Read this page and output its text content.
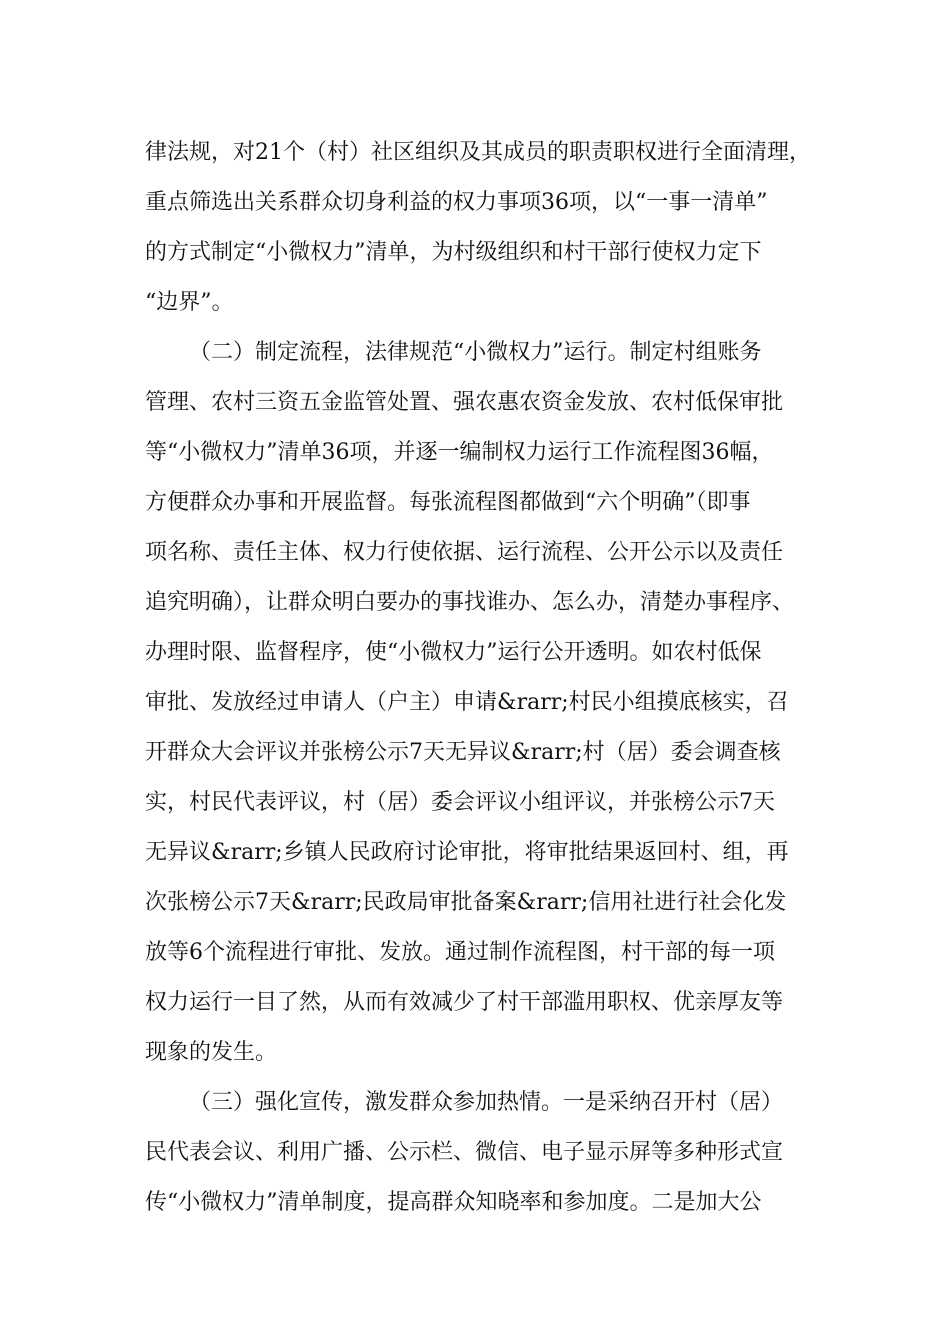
律法规，对21个（村）社区组织及其成员的职责职权进行全面清理，
重点筛选出关系群众切身利益的权力事项36项，以“一事一清单”
的方式制定“小微权力”清单，为村级组织和村干部行使权力定下
“边界”。
（二）制定流程，法律规范“小微权力”运行。制定村组账务
管理、农村三资五金监管处置、强农惠农资金发放、农村低保审批
等“小微权力”清单36项，并逐一编制权力运行工作流程图36幅，
方便群众办事和开展监督。每张流程图都做到“六个明确”（即事
项名称、责任主体、权力行使依据、运行流程、公开公示以及责任
追究明确），让群众明白要办的事找谁办、怎么办，清楚办事程序、
办理时限、监督程序，使“小微权力”运行公开透明。如农村低保
审批、发放经过申请人（户主）申请&rarr;村民小组摸底核实，召
开群众大会评议并张榜公示7天无异议&rarr;村（居）委会调查核
实，村民代表评议，村（居）委会评议小组评议，并张榜公示7天
无异议&rarr;乡镇人民政府讨论审批，将审批结果返回村、组，再
次张榜公示7天&rarr;民政局审批备案&rarr;信用社进行社会化发
放等6个流程进行审批、发放。通过制作流程图，村干部的每一项
权力运行一目了然，从而有效减少了村干部滥用职权、优亲厚友等
现象的发生。
（三）强化宣传，激发群众参加热情。一是采纳召开村（居）
民代表会议、利用广播、公示栏、微信、电子显示屏等多种形式宣
传“小微权力”清单制度，提高群众知晓率和参加度。二是加大公
